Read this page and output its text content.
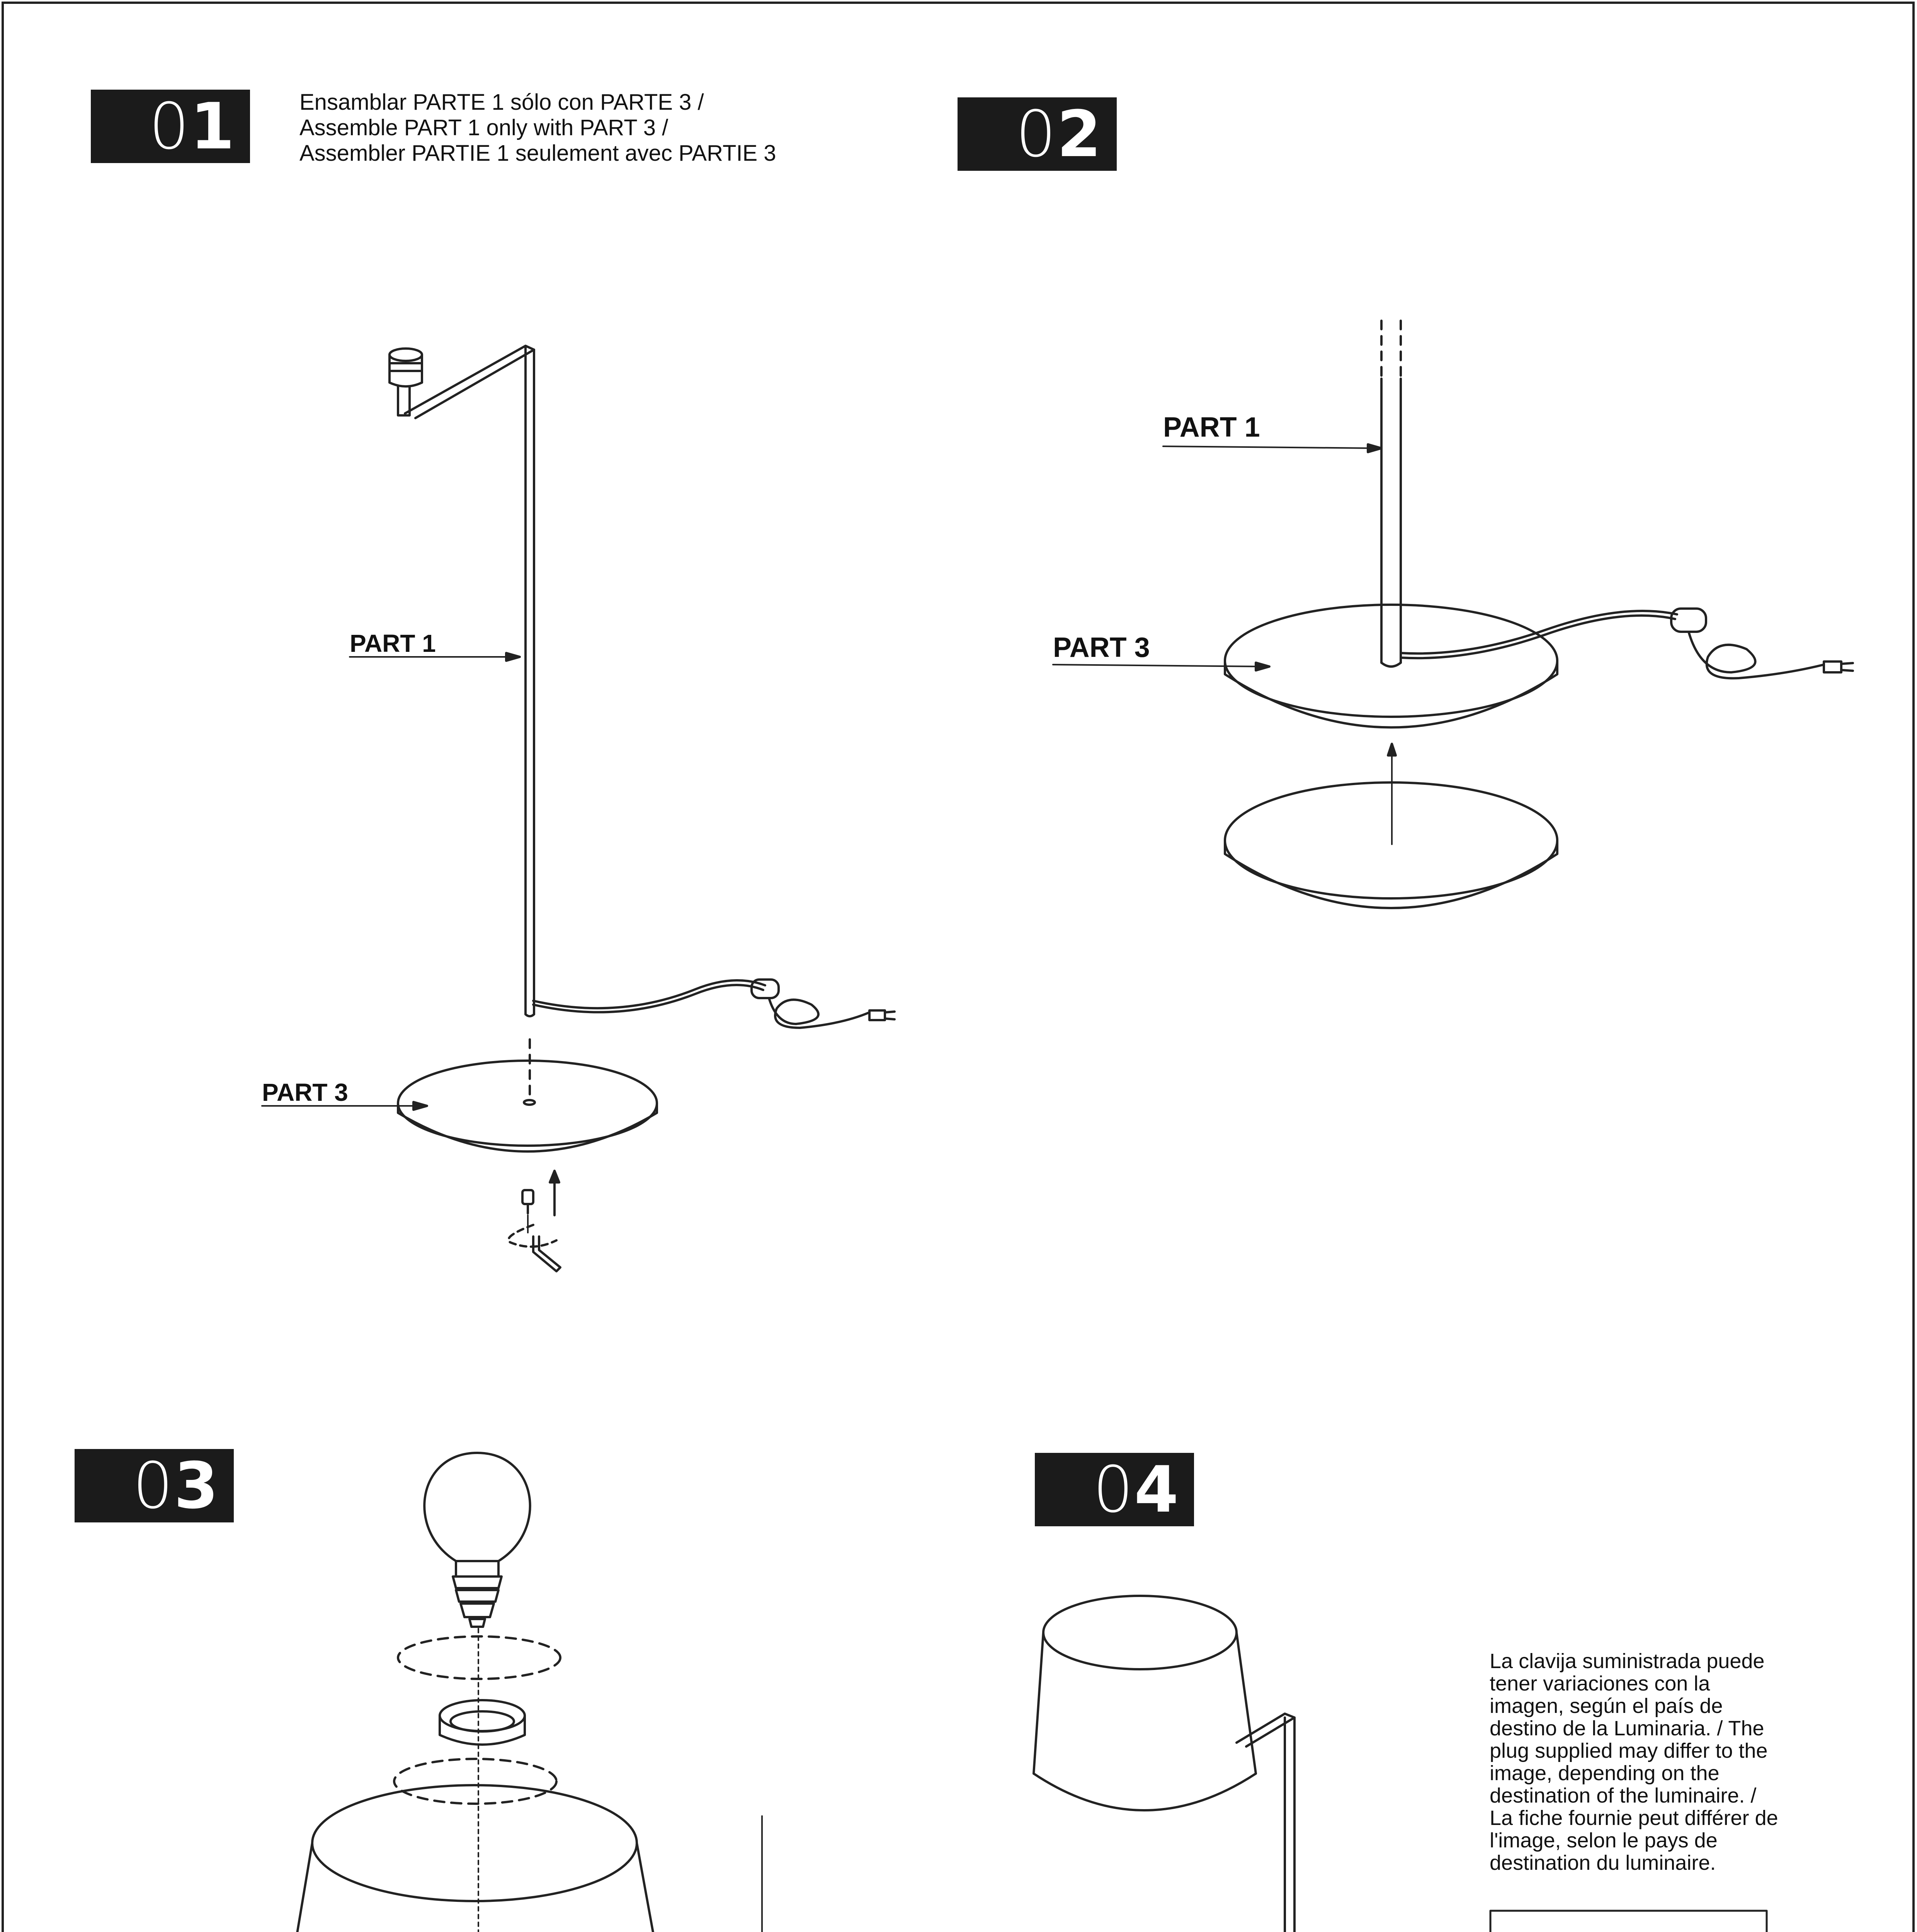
0 1	0 2
0 3	0 4
Ensamblar PARTE 1 sólo con PARTE 3 /
Assemble PART 1 only with PART 3 /
Assembler PARTIE 1 seulement avec PARTIE 3
PART 1
PART 3
PART 1
PART 3
La clavija suministrada puede tener variaciones con la imagen, según el país de destino de la Luminaria. / The plug supplied may differ to the image, depending on the destination of the luminaire. / La fiche fournie peut différer de l'image, selon le pays de destination du luminaire.
